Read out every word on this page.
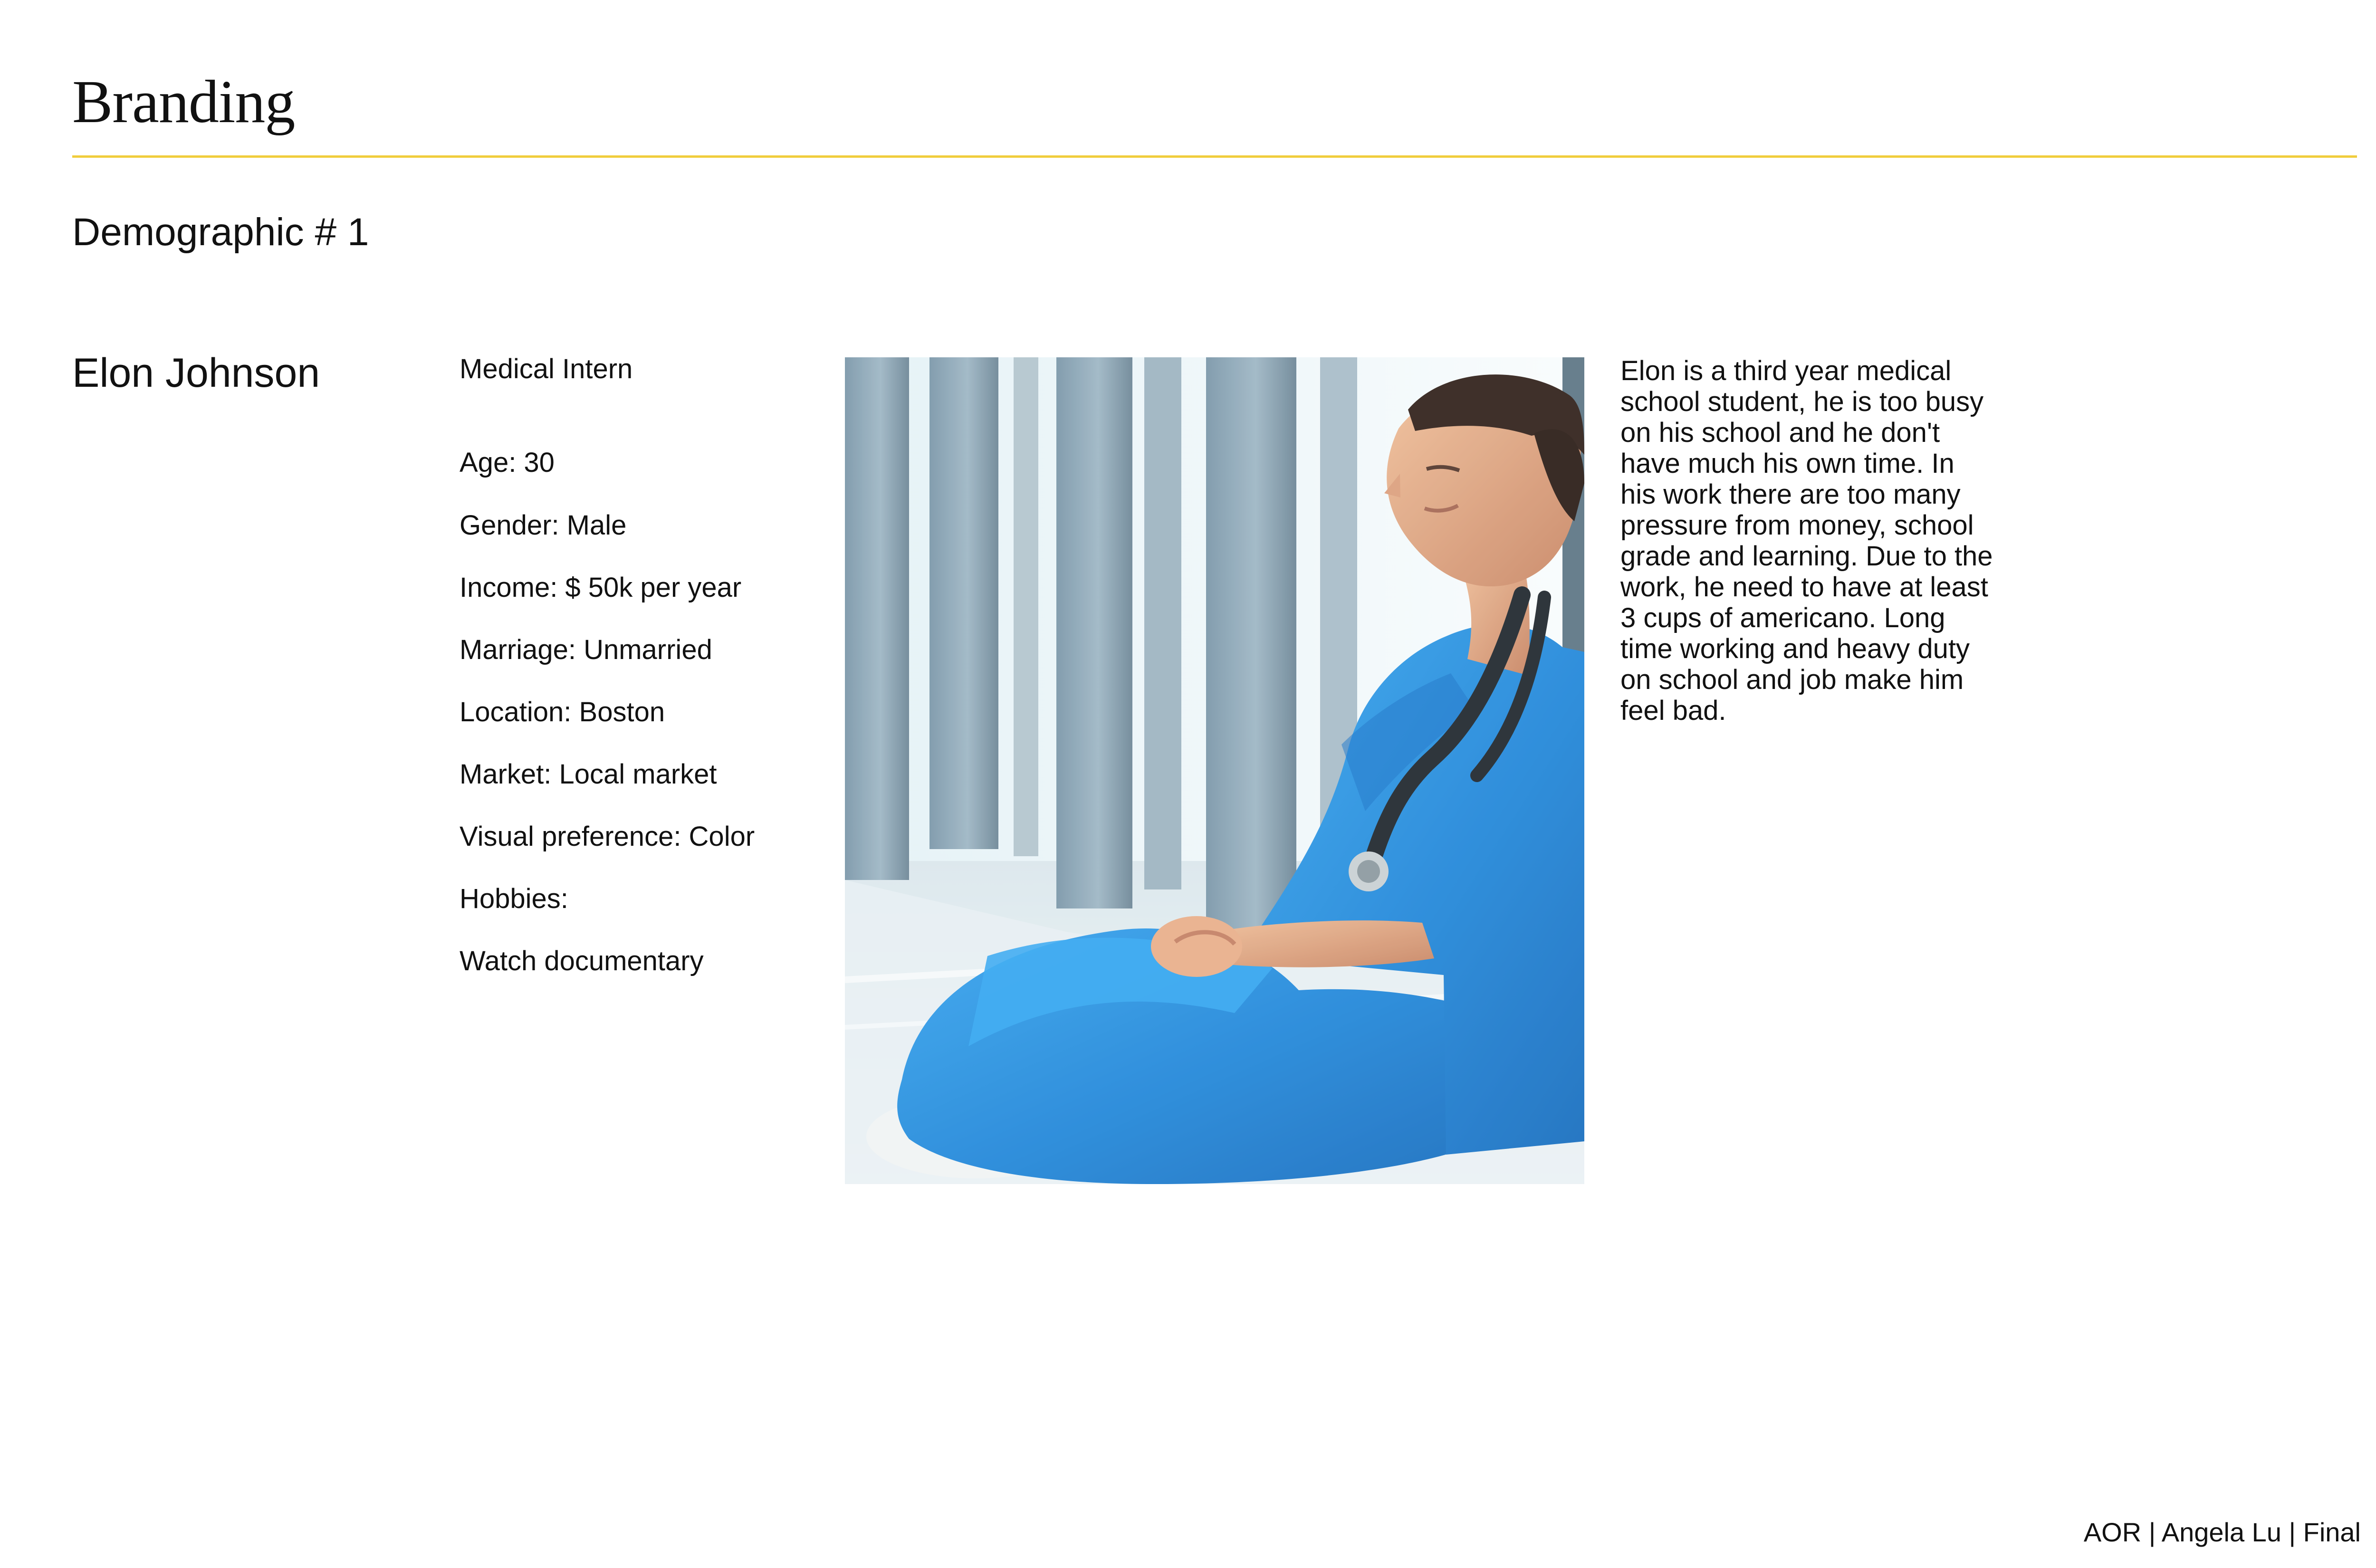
Branding
Demographic # 1
Elon Johnson	Medical Intern
Age: 30
Gender: Male
Income: $ 50k per year
Marriage: Unmarried
Location: Boston
Market: Local market
Visual preference: Color
Hobbies:
Watch documentary
Elon is a third year medical school student, he is too busy on his school and he don't have much his own time. In his work there are too many pressure from money, school grade and learning. Due to the work, he need to have at least 3 cups of americano. Long time working and heavy duty on school and job make him feel bad.
AOR | Angela Lu | Final
